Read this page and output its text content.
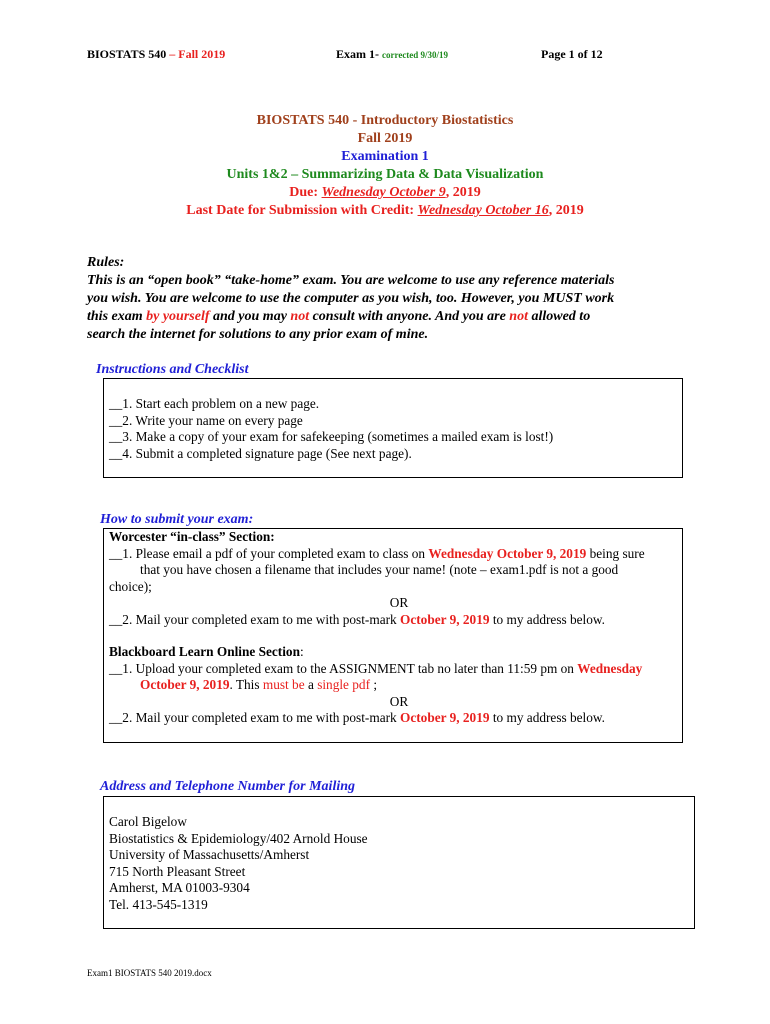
BIOSTATS 540 – Fall 2019	Exam 1- corrected 9/30/19	Page 1 of 12
BIOSTATS 540 - Introductory Biostatistics
Fall 2019
Examination 1
Units 1&2 – Summarizing Data & Data Visualization
Due: Wednesday October 9, 2019
Last Date for Submission with Credit: Wednesday October 16, 2019
Rules:
This is an “open book” “take-home” exam. You are welcome to use any reference materials
you wish. You are welcome to use the computer as you wish, too. However, you MUST work
this exam by yourself and you may not consult with anyone. And you are not allowed to
search the internet for solutions to any prior exam of mine.
Instructions and Checklist
__1. Start each problem on a new page.
__2. Write your name on every page
__3. Make a copy of your exam for safekeeping (sometimes a mailed exam is lost!)
__4. Submit a completed signature page (See next page).
How to submit your exam:
Worcester “in-class” Section:
__1. Please email a pdf of your completed exam to class on Wednesday October 9, 2019 being sure
that you have chosen a filename that includes your name! (note – exam1.pdf is not a good
choice);
OR
__2. Mail your completed exam to me with post-mark October 9, 2019 to my address below.
Blackboard Learn Online Section:
__1. Upload your completed exam to the ASSIGNMENT tab no later than 11:59 pm on Wednesday
October 9, 2019. This must be a single pdf ;
OR
__2. Mail your completed exam to me with post-mark October 9, 2019 to my address below.
Address and Telephone Number for Mailing
Carol Bigelow
Biostatistics & Epidemiology/402 Arnold House
University of Massachusetts/Amherst
715 North Pleasant Street
Amherst, MA 01003-9304
Tel. 413-545-1319
Exam1 BIOSTATS 540 2019.docx
